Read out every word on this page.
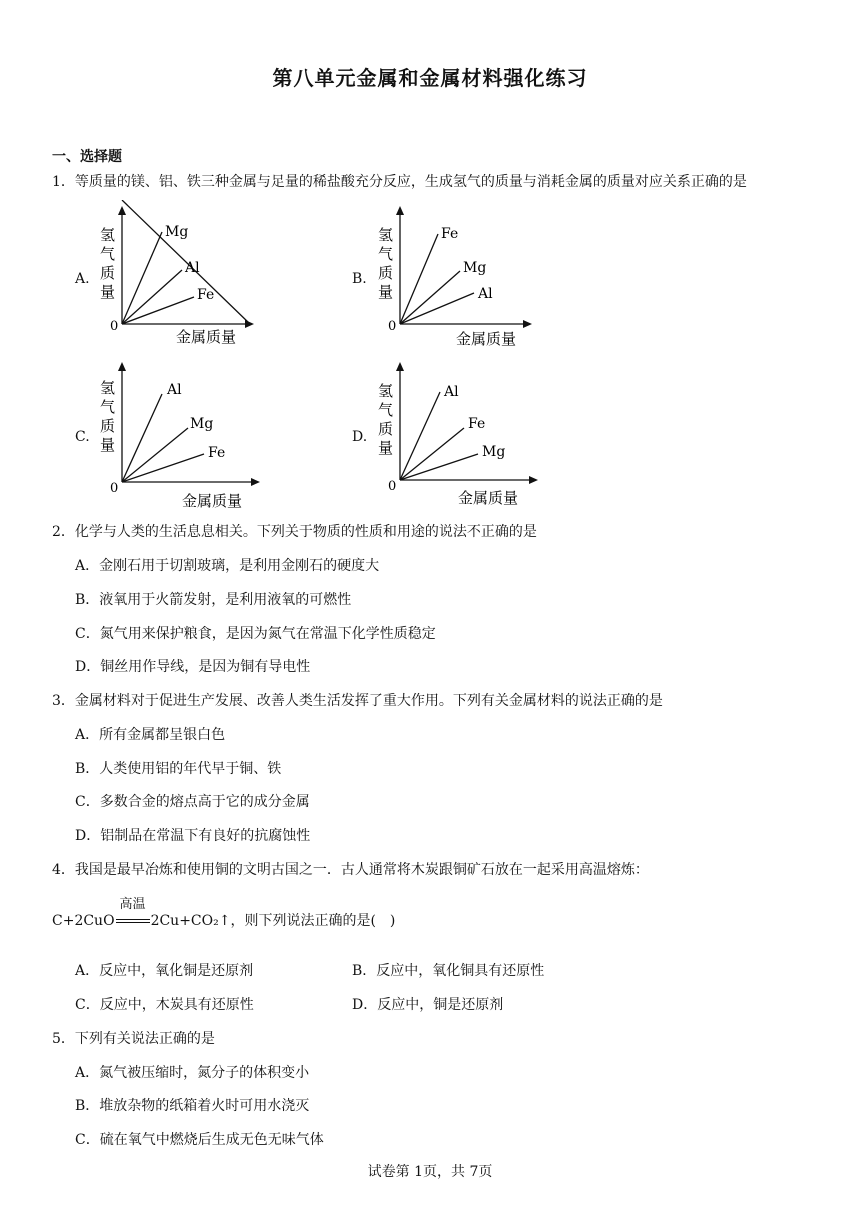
第八单元金属和金属材料强化练习
一、选择题
1．等质量的镁、铝、铁三种金属与足量的稀盐酸充分反应，生成氢气的质量与消耗金属的质量对应关系正确的是
A.
Mg
Al
Fe
0
金属质量
氢
气
质
量
B.
Fe
Mg
Al
0
金属质量
氢
气
质
量
C.
Al
Mg
Fe
0
金属质量
氢
气
质
量	D.
Al
Fe
Mg
0
金属质量
氢
气
质
量
2．化学与人类的生活息息相关。下列关于物质的性质和用途的说法不正确的是
A．金刚石用于切割玻璃，是利用金刚石的硬度大
B．液氧用于火箭发射，是利用液氧的可燃性
C．氮气用来保护粮食，是因为氮气在常温下化学性质稳定
D．铜丝用作导线，是因为铜有导电性
3．金属材料对于促进生产发展、改善人类生活发挥了重大作用。下列有关金属材料的说法正确的是
A．所有金属都呈银白色
B．人类使用铝的年代早于铜、铁
C．多数合金的熔点高于它的成分金属
D．铝制品在常温下有良好的抗腐蚀性
4．我国是最早冶炼和使用铜的文明古国之一．古人通常将木炭跟铜矿石放在一起采用高温熔炼：
C+2CuO
高温
2Cu+CO₂↑，则下列说法正确的是(　)
A．反应中，氧化铜是还原剂	B．反应中，氧化铜具有还原性
C．反应中，木炭具有还原性	D．反应中，铜是还原剂
5．下列有关说法正确的是
A．氮气被压缩时，氮分子的体积变小
B．堆放杂物的纸箱着火时可用水浇灭
C．硫在氧气中燃烧后生成无色无味气体
试卷第 1页，共 7页
